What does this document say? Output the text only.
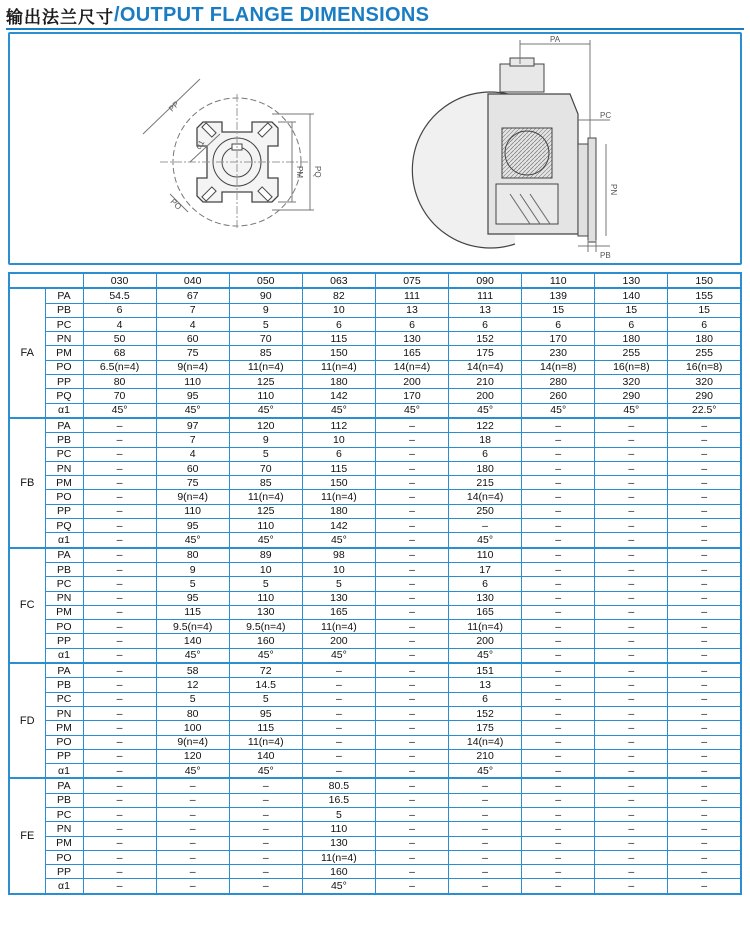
输出法兰尺寸 /OUTPUT FLANGE DIMENSIONS
PP
α1
PM PQ
PO
PA
PC
PN
PB
		030	040	050	063	075	090	110	130	150
FA	PA	54.5	67	90	82	111	111	139	140	155
	PB	6	7	9	10	13	13	15	15	15
	PC	4	4	5	6	6	6	6	6	6
	PN	50	60	70	115	130	152	170	180	180
	PM	68	75	85	150	165	175	230	255	255
	PO	6.5(n=4)	9(n=4)	11(n=4)	11(n=4)	14(n=4)	14(n=4)	14(n=8)	16(n=8)	16(n=8)
	PP	80	110	125	180	200	210	280	320	320
	PQ	70	95	110	142	170	200	260	290	290
	α1	45°	45°	45°	45°	45°	45°	45°	45°	22.5°
FB	PA	–	97	120	112	–	122	–	–	–
	PB	–	7	9	10	–	18	–	–	–
	PC	–	4	5	6	–	6	–	–	–
	PN	–	60	70	115	–	180	–	–	–
	PM	–	75	85	150	–	215	–	–	–
	PO	–	9(n=4)	11(n=4)	11(n=4)	–	14(n=4)	–	–	–
	PP	–	110	125	180	–	250	–	–	–
	PQ	–	95	110	142	–	–	–	–	–
	α1	–	45°	45°	45°	–	45°	–	–	–
FC	PA	–	80	89	98	–	110	–	–	–
	PB	–	9	10	10	–	17	–	–	–
	PC	–	5	5	5	–	6	–	–	–
	PN	–	95	110	130	–	130	–	–	–
	PM	–	115	130	165	–	165	–	–	–
	PO	–	9.5(n=4)	9.5(n=4)	11(n=4)	–	11(n=4)	–	–	–
	PP	–	140	160	200	–	200	–	–	–
	α1	–	45°	45°	45°	–	45°	–	–	–
FD	PA	–	58	72	–	–	151	–	–	–
	PB	–	12	14.5	–	–	13	–	–	–
	PC	–	5	5	–	–	6	–	–	–
	PN	–	80	95	–	–	152	–	–	–
	PM	–	100	115	–	–	175	–	–	–
	PO	–	9(n=4)	11(n=4)	–	–	14(n=4)	–	–	–
	PP	–	120	140	–	–	210	–	–	–
	α1	–	45°	45°	–	–	45°	–	–	–
FE	PA	–	–	–	80.5	–	–	–	–	–
	PB	–	–	–	16.5	–	–	–	–	–
	PC	–	–	–	5	–	–	–	–	–
	PN	–	–	–	110	–	–	–	–	–
	PM	–	–	–	130	–	–	–	–	–
	PO	–	–	–	11(n=4)	–	–	–	–	–
	PP	–	–	–	160	–	–	–	–	–
	α1	–	–	–	45°	–	–	–	–	–
